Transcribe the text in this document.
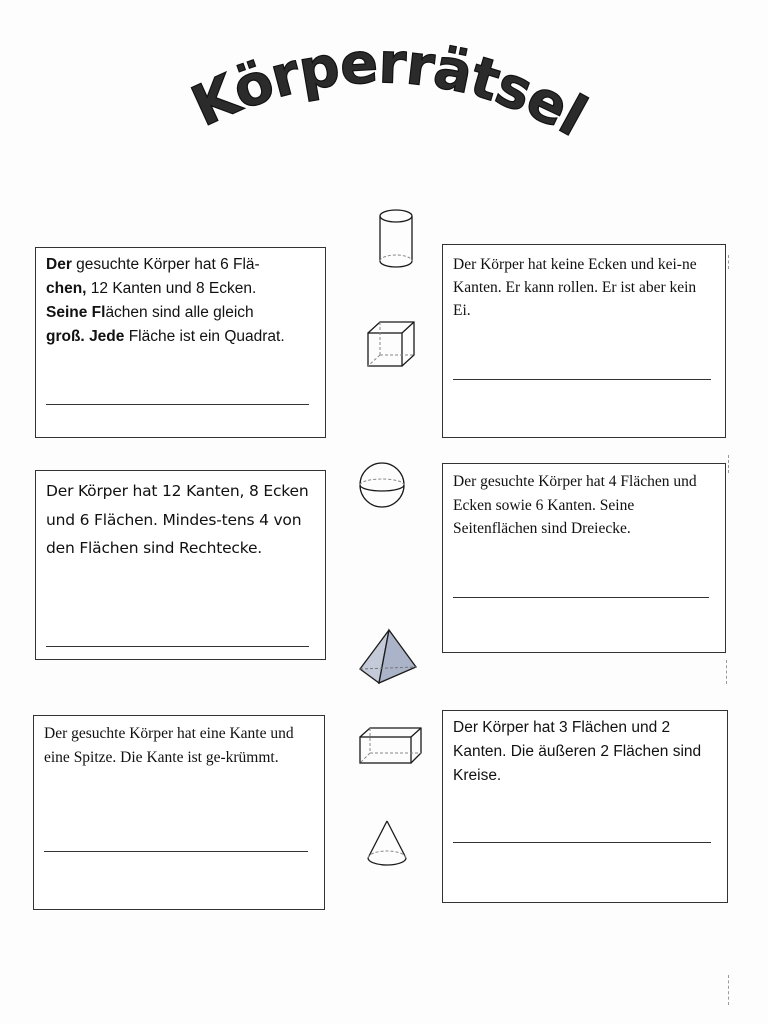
Körperrätsel
Der gesuchte Körper hat 6 Flä-
chen, 12 Kanten und 8 Ecken.
Seine Flächen sind alle gleich
groß. Jede Fläche ist ein Quadrat.
Der Körper hat keine Ecken und kei-ne Kanten. Er kann rollen. Er ist aber kein Ei.
Der Körper hat 12 Kanten, 8 Ecken und 6 Flächen. Mindes-tens 4 von den Flächen sind Rechtecke.
Der gesuchte Körper hat 4 Flächen und Ecken sowie 6 Kanten. Seine Seitenflächen sind Dreiecke.
Der gesuchte Körper hat eine Kante und eine Spitze. Die Kante ist ge-krümmt.
Der Körper hat 3 Flächen und 2 Kanten. Die äußeren 2 Flächen sind Kreise.
